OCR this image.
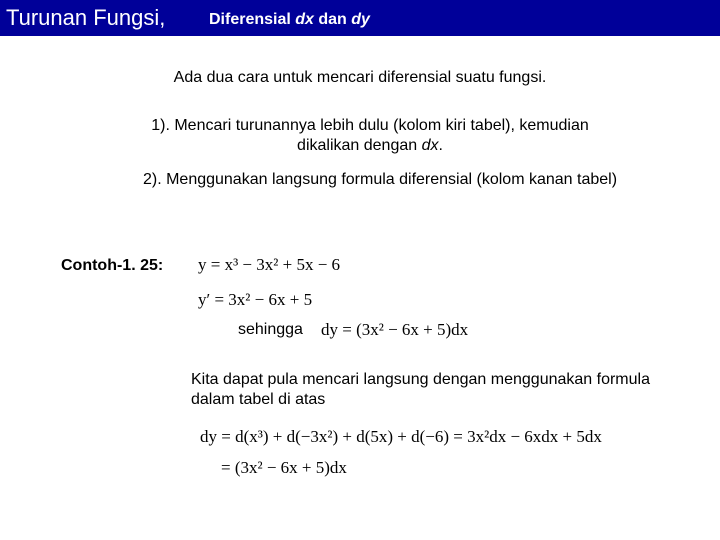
Turunan Fungsi,	Diferensial dx dan dy
Ada dua cara untuk mencari diferensial suatu fungsi.
1). Mencari turunannya lebih dulu (kolom kiri tabel), kemudian dikalikan dengan dx.
2). Menggunakan langsung formula diferensial (kolom kanan tabel)
Contoh-1. 25: y = x³ − 3x² + 5x − 6
y′ = 3x² − 6x + 5
sehingga dy = (3x² − 6x + 5)dx
Kita dapat pula mencari langsung dengan menggunakan formula dalam tabel di atas
dy = d(x³) + d(−3x²) + d(5x) + d(−6) = 3x²dx − 6xdx + 5dx
= (3x² − 6x + 5)dx
